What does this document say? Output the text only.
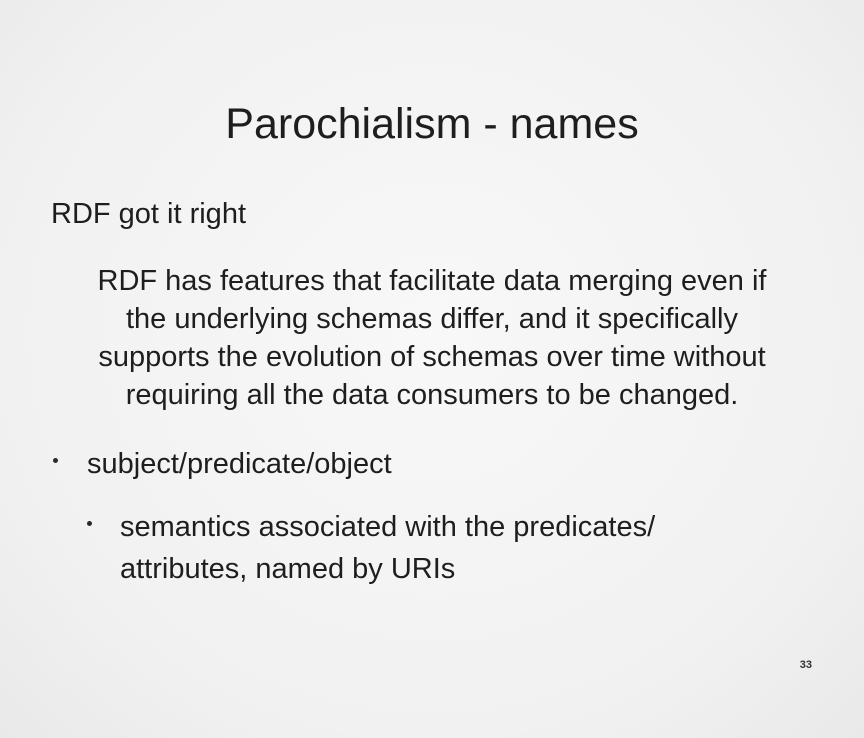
Parochialism - names
RDF got it right
RDF has features that facilitate data merging even if
the underlying schemas differ, and it specifically
supports the evolution of schemas over time without
requiring all the data consumers to be changed.
subject/predicate/object
semantics associated with the predicates/
attributes, named by URIs
33
